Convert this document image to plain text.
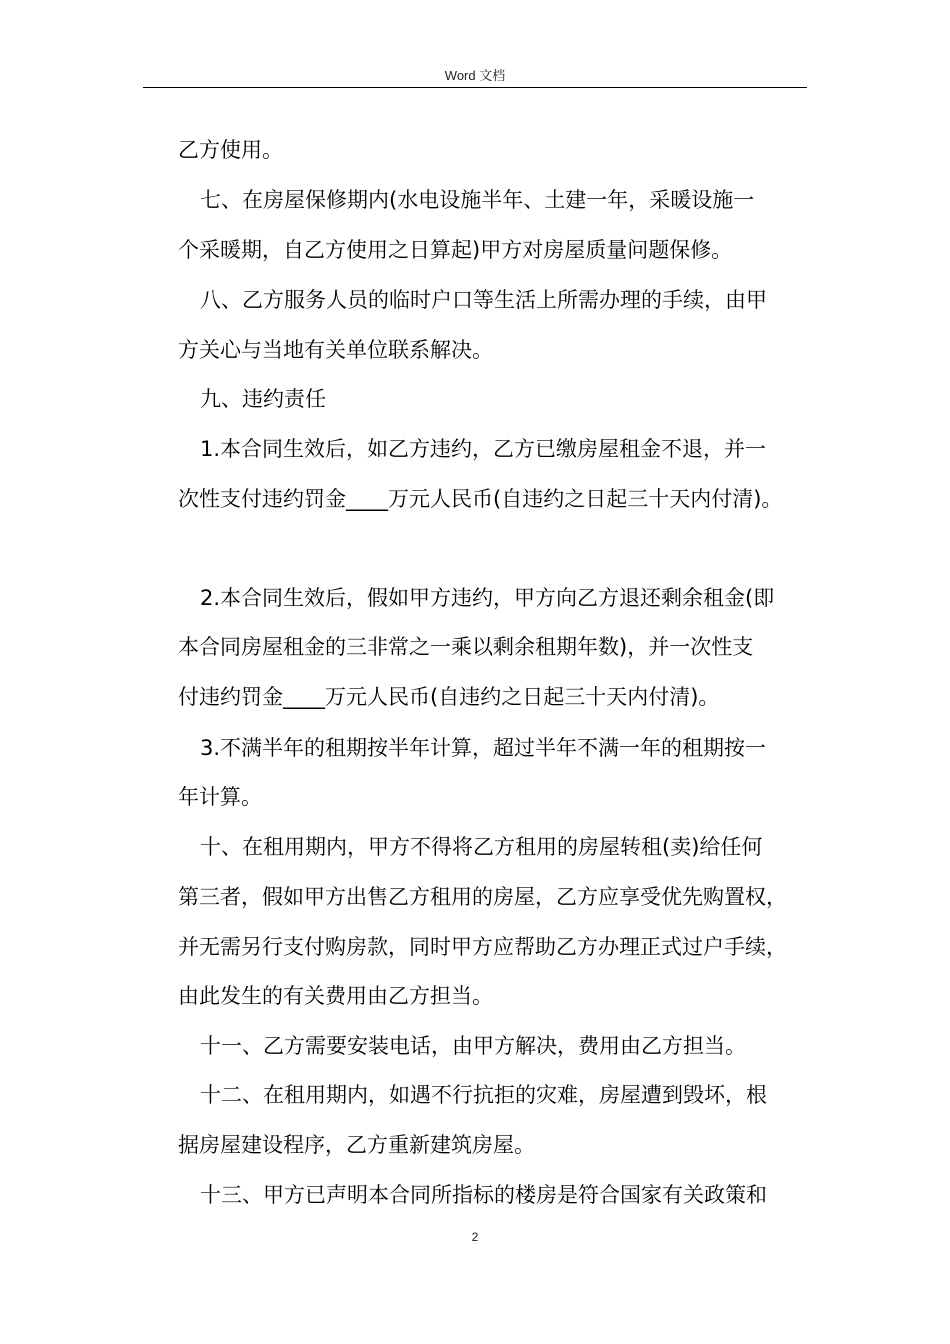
Word 文档
乙方使用。
七、在房屋保修期内(水电设施半年、土建一年，采暖设施一
个采暖期，自乙方使用之日算起)甲方对房屋质量问题保修。
八、乙方服务人员的临时户口等生活上所需办理的手续，由甲
方关心与当地有关单位联系解决。
九、违约责任
1.本合同生效后，如乙方违约，乙方已缴房屋租金不退，并一
次性支付违约罚金____万元人民币(自违约之日起三十天内付清)。
2.本合同生效后，假如甲方违约，甲方向乙方退还剩余租金(即
本合同房屋租金的三非常之一乘以剩余租期年数)，并一次性支
付违约罚金____万元人民币(自违约之日起三十天内付清)。
3.不满半年的租期按半年计算，超过半年不满一年的租期按一
年计算。
十、在租用期内，甲方不得将乙方租用的房屋转租(卖)给任何
第三者，假如甲方出售乙方租用的房屋，乙方应享受优先购置权，
并无需另行支付购房款，同时甲方应帮助乙方办理正式过户手续，
由此发生的有关费用由乙方担当。
十一、乙方需要安装电话，由甲方解决，费用由乙方担当。
十二、在租用期内，如遇不行抗拒的灾难，房屋遭到毁坏，根
据房屋建设程序，乙方重新建筑房屋。
十三、甲方已声明本合同所指标的楼房是符合国家有关政策和
2
